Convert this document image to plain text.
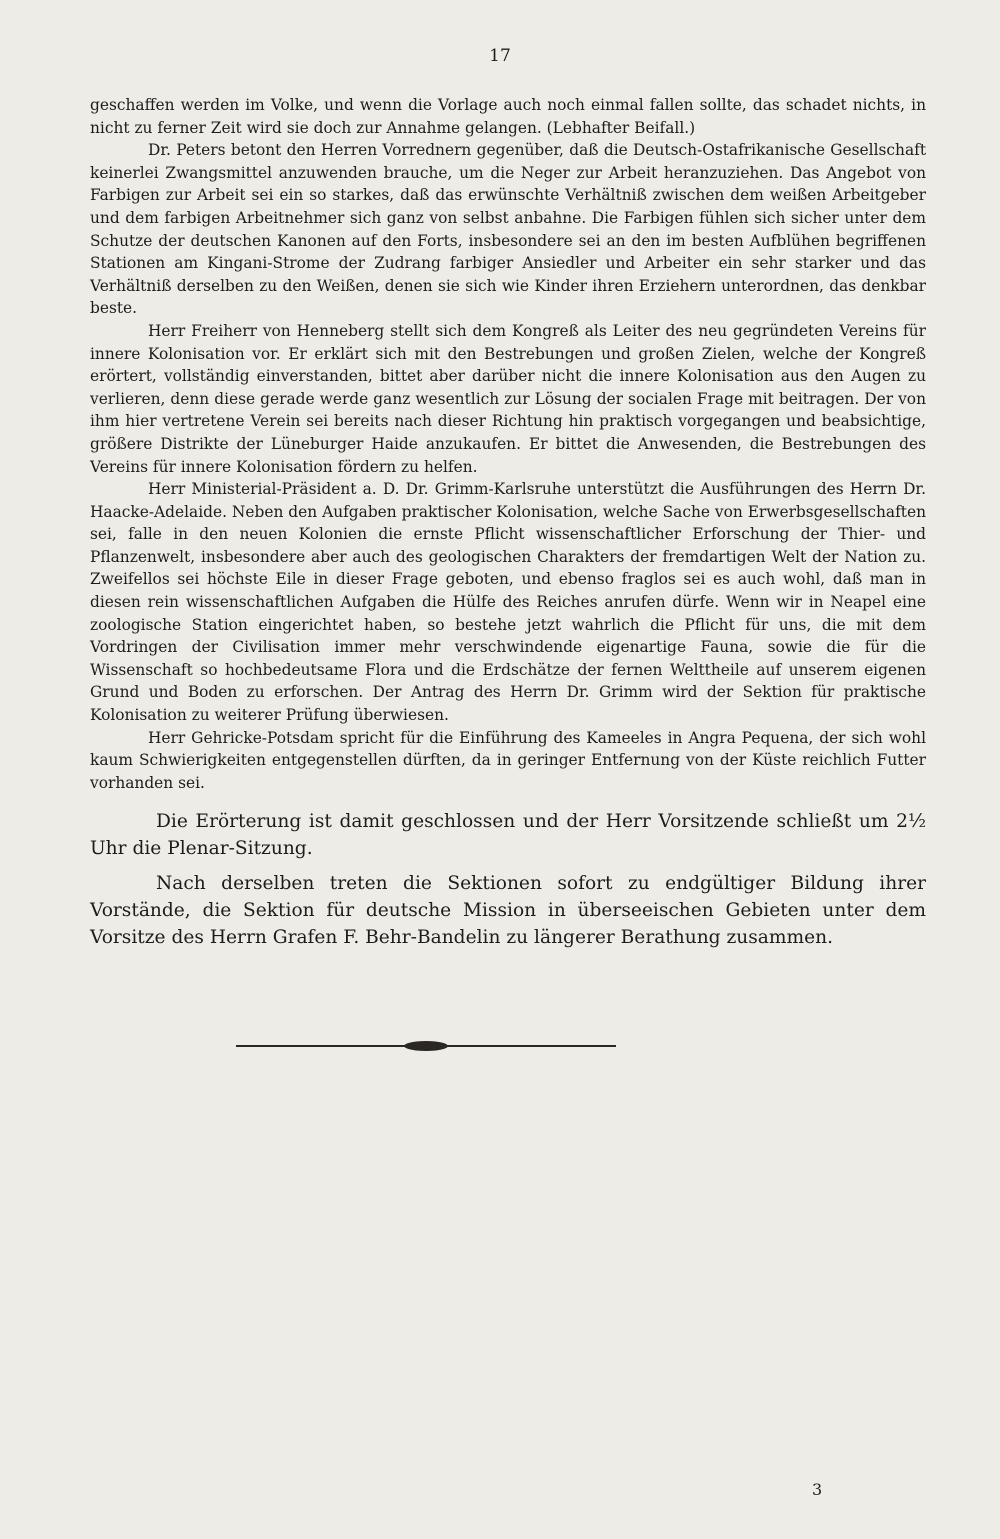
17

geschaffen werden im Volke, und wenn die Vorlage auch noch einmal fallen sollte, das schadet nichts, in nicht zu ferner Zeit wird sie doch zur Annahme gelangen. (Lebhafter Beifall.)

Dr. Peters betont den Herren Vorrednern gegenüber, daß die Deutsch-Ostafrikanische Gesellschaft keinerlei Zwangsmittel anzuwenden brauche, um die Neger zur Arbeit heranzuziehen. Das Angebot von Farbigen zur Arbeit sei ein so starkes, daß das erwünschte Verhältniß zwischen dem weißen Arbeitgeber und dem farbigen Arbeitnehmer sich ganz von selbst anbahne. Die Farbigen fühlen sich sicher unter dem Schutze der deutschen Kanonen auf den Forts, insbesondere sei an den im besten Aufblühen begriffenen Stationen am Kingani-Strome der Zudrang farbiger Ansiedler und Arbeiter ein sehr starker und das Verhältniß derselben zu den Weißen, denen sie sich wie Kinder ihren Erziehern unterordnen, das denkbar beste.

Herr Freiherr von Henneberg stellt sich dem Kongreß als Leiter des neu gegründeten Vereins für innere Kolonisation vor. Er erklärt sich mit den Bestrebungen und großen Zielen, welche der Kongreß erörtert, vollständig einverstanden, bittet aber darüber nicht die innere Kolonisation aus den Augen zu verlieren, denn diese gerade werde ganz wesentlich zur Lösung der socialen Frage mit beitragen. Der von ihm hier vertretene Verein sei bereits nach dieser Richtung hin praktisch vorgegangen und beabsichtige, größere Distrikte der Lüneburger Haide anzukaufen. Er bittet die Anwesenden, die Bestrebungen des Vereins für innere Kolonisation fördern zu helfen.

Herr Ministerial-Präsident a. D. Dr. Grimm-Karlsruhe unterstützt die Ausführungen des Herrn Dr. Haacke-Adelaide. Neben den Aufgaben praktischer Kolonisation, welche Sache von Erwerbsgesellschaften sei, falle in den neuen Kolonien die ernste Pflicht wissenschaftlicher Erforschung der Thier- und Pflanzenwelt, insbesondere aber auch des geologischen Charakters der fremdartigen Welt der Nation zu. Zweifellos sei höchste Eile in dieser Frage geboten, und ebenso fraglos sei es auch wohl, daß man in diesen rein wissenschaftlichen Aufgaben die Hülfe des Reiches anrufen dürfe. Wenn wir in Neapel eine zoologische Station eingerichtet haben, so bestehe jetzt wahrlich die Pflicht für uns, die mit dem Vordringen der Civilisation immer mehr verschwindende eigenartige Fauna, sowie die für die Wissenschaft so hochbedeutsame Flora und die Erdschätze der fernen Welttheile auf unserem eigenen Grund und Boden zu erforschen. Der Antrag des Herrn Dr. Grimm wird der Sektion für praktische Kolonisation zu weiterer Prüfung überwiesen.

Herr Gehricke-Potsdam spricht für die Einführung des Kameeles in Angra Pequena, der sich wohl kaum Schwierigkeiten entgegenstellen dürften, da in geringer Entfernung von der Küste reichlich Futter vorhanden sei.

Die Erörterung ist damit geschlossen und der Herr Vorsitzende schließt um 2½ Uhr die Plenar-Sitzung.

Nach derselben treten die Sektionen sofort zu endgültiger Bildung ihrer Vorstände, die Sektion für deutsche Mission in überseeischen Gebieten unter dem Vorsitze des Herrn Grafen F. Behr-Bandelin zu längerer Berathung zusammen.

3
